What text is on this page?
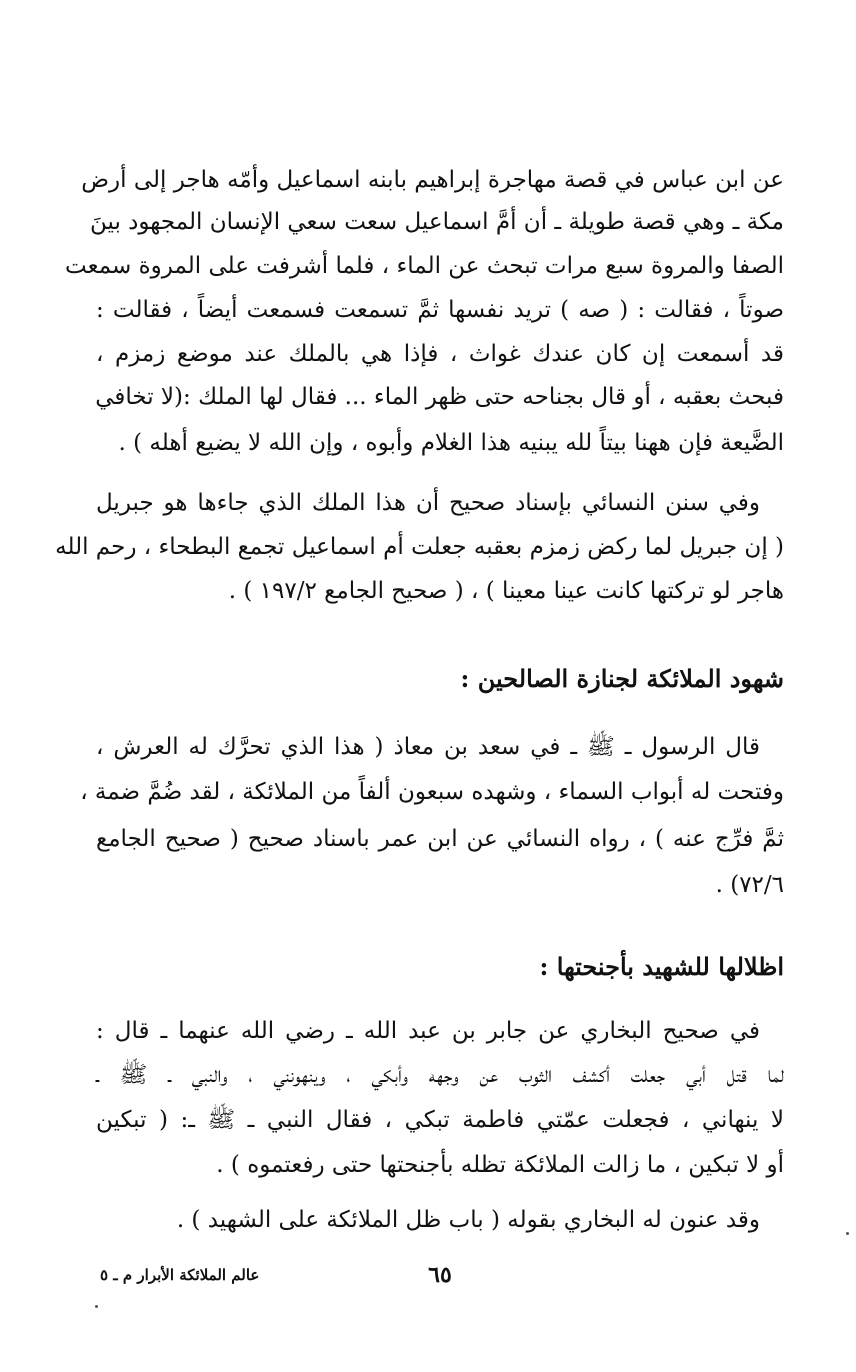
عن ابن عباس في قصة مهاجرة إبراهيم بابنه اسماعيل وأمّه هاجر إلى أرض
مكة ـ وهي قصة طويلة ـ أن أمَّ اسماعيل سعت سعي الإنسان المجهود بينَ
الصفا والمروة سبع مرات تبحث عن الماء ، فلما أشرفت على المروة سمعت
صوتاً ، فقالت : ( صه ) تريد نفسها ثمَّ تسمعت فسمعت أيضاً ، فقالت :
قد أسمعت إن كان عندك غواث ، فإذا هي بالملك عند موضع زمزم ،
فبحث بعقبه ، أو قال بجناحه حتى ظهر الماء ... فقال لها الملك :(لا تخافي
الضَّيعة فإن ههنا بيتاً لله يبنيه هذا الغلام وأبوه ، وإن الله لا يضيع أهله ) .
وفي سنن النسائي بإسناد صحيح أن هذا الملك الذي جاءها هو جبريل
( إن جبريل لما ركض زمزم بعقبه جعلت أم اسماعيل تجمع البطحاء ، رحم الله
هاجر لو تركتها كانت عينا معينا ) ، ( صحيح الجامع ١٩٧/٢ ) .
شهود الملائكة لجنازة الصالحين :
قال الرسول ـ ﷺ ـ في سعد بن معاذ ( هذا الذي تحرَّك له العرش ،
وفتحت له أبواب السماء ، وشهده سبعون ألفاً من الملائكة ، لقد ضُمَّ ضمة ،
ثمَّ فرِّج عنه ) ، رواه النسائي عن ابن عمر باسناد صحيح ( صحيح الجامع
٧٢/٦) .
اظلالها للشهيد بأجنحتها :
في صحيح البخاري عن جابر بن عبد الله ـ رضي الله عنهما ـ قال :
لما قتل أبي جعلت أكشف الثوب عن وجهه وأبكي ، وينهونني ، والنبي ـ ﷺ ـ
لا ينهاني ، فجعلت عمّتي فاطمة تبكي ، فقال النبي ـ ﷺ ـ: ( تبكين
أو لا تبكين ، ما زالت الملائكة تظله بأجنحتها حتى رفعتموه ) .
وقد عنون له البخاري بقوله ( باب ظل الملائكة على الشهيد ) .
٦٥
عالم الملائكة الأبرار م ـ ٥
